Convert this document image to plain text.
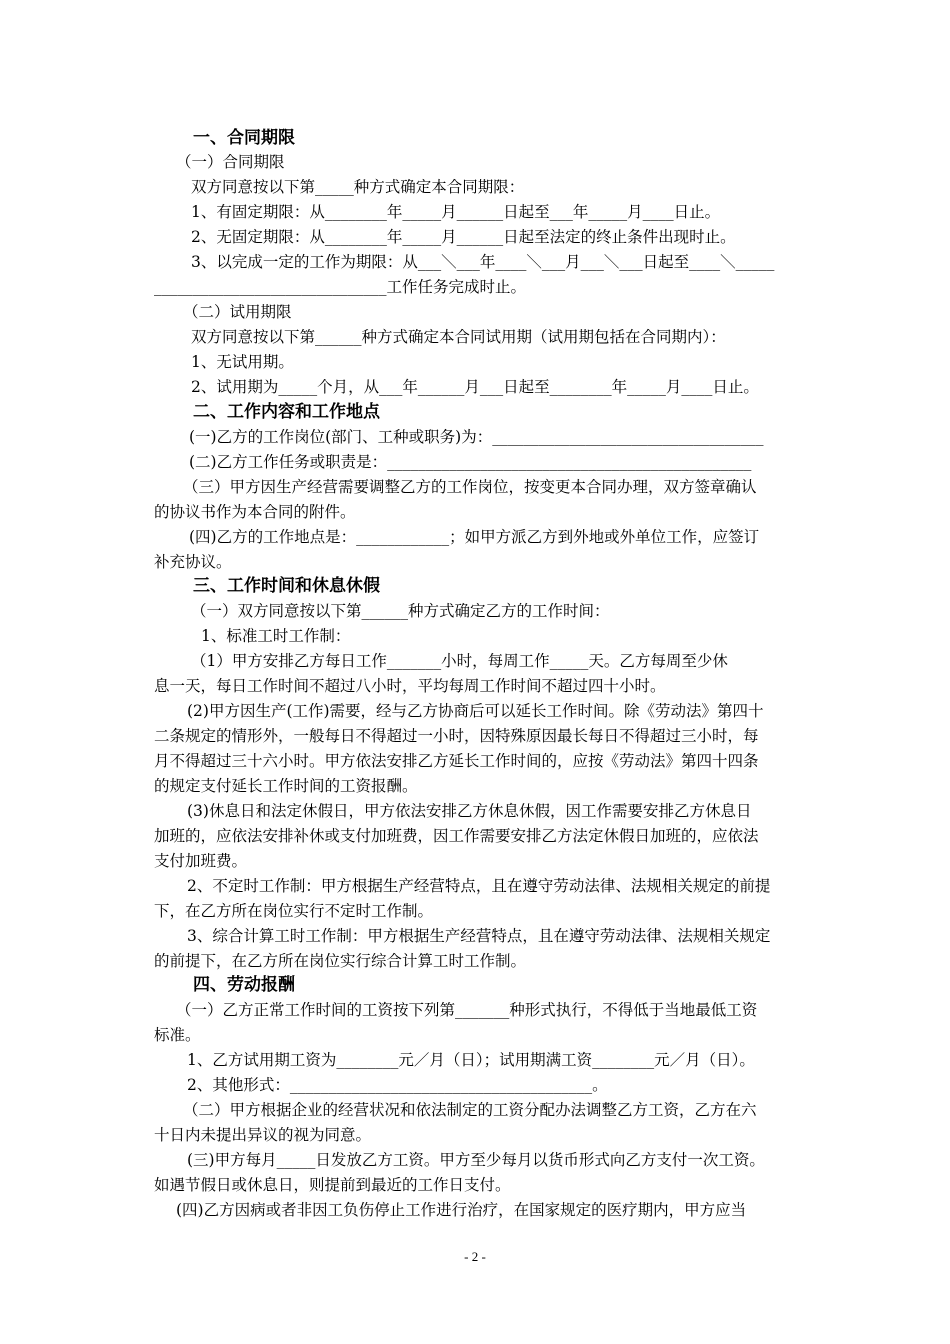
一、合同期限
（一）合同期限
双方同意按以下第_____种方式确定本合同期限：
1、有固定期限：从________年_____月______日起至___年_____月____日止。
2、无固定期限：从________年_____月______日起至法定的终止条件出现时止。
3、以完成一定的工作为期限：从___＼___年____＼___月___＼___日起至____＼_____
______________________________工作任务完成时止。
（二）试用期限
双方同意按以下第______种方式确定本合同试用期（试用期包括在合同期内）：
1、无试用期。
2、试用期为_____个月，从___年______月___日起至________年_____月____日止。
二、工作内容和工作地点
(一)乙方的工作岗位(部门、工种或职务)为：___________________________________
(二)乙方工作任务或职责是：_______________________________________________
（三）甲方因生产经营需要调整乙方的工作岗位，按变更本合同办理，双方签章确认
的协议书作为本合同的附件。
(四)乙方的工作地点是：____________；如甲方派乙方到外地或外单位工作，应签订
补充协议。
三、工作时间和休息休假
（一）双方同意按以下第______种方式确定乙方的工作时间：
1、标准工时工作制：
（1）甲方安排乙方每日工作_______小时，每周工作_____天。乙方每周至少休
息一天，每日工作时间不超过八小时，平均每周工作时间不超过四十小时。
(2)甲方因生产(工作)需要，经与乙方协商后可以延长工作时间。除《劳动法》第四十
二条规定的情形外，一般每日不得超过一小时，因特殊原因最长每日不得超过三小时，每
月不得超过三十六小时。甲方依法安排乙方延长工作时间的，应按《劳动法》第四十四条
的规定支付延长工作时间的工资报酬。
(3)休息日和法定休假日，甲方依法安排乙方休息休假，因工作需要安排乙方休息日
加班的，应依法安排补休或支付加班费，因工作需要安排乙方法定休假日加班的，应依法
支付加班费。
2、不定时工作制：甲方根据生产经营特点，且在遵守劳动法律、法规相关规定的前提
下，在乙方所在岗位实行不定时工作制。
3、综合计算工时工作制：甲方根据生产经营特点，且在遵守劳动法律、法规相关规定
的前提下，在乙方所在岗位实行综合计算工时工作制。
四、劳动报酬
（一）乙方正常工作时间的工资按下列第_______种形式执行，不得低于当地最低工资
标准。
1、乙方试用期工资为________元／月（日）；试用期满工资________元／月（日）。
2、其他形式：_______________________________________。
（二）甲方根据企业的经营状况和依法制定的工资分配办法调整乙方工资，乙方在六
十日内未提出异议的视为同意。
(三)甲方每月_____日发放乙方工资。甲方至少每月以货币形式向乙方支付一次工资。
如遇节假日或休息日，则提前到最近的工作日支付。
(四)乙方因病或者非因工负伤停止工作进行治疗，在国家规定的医疗期内，甲方应当
- 2 -
